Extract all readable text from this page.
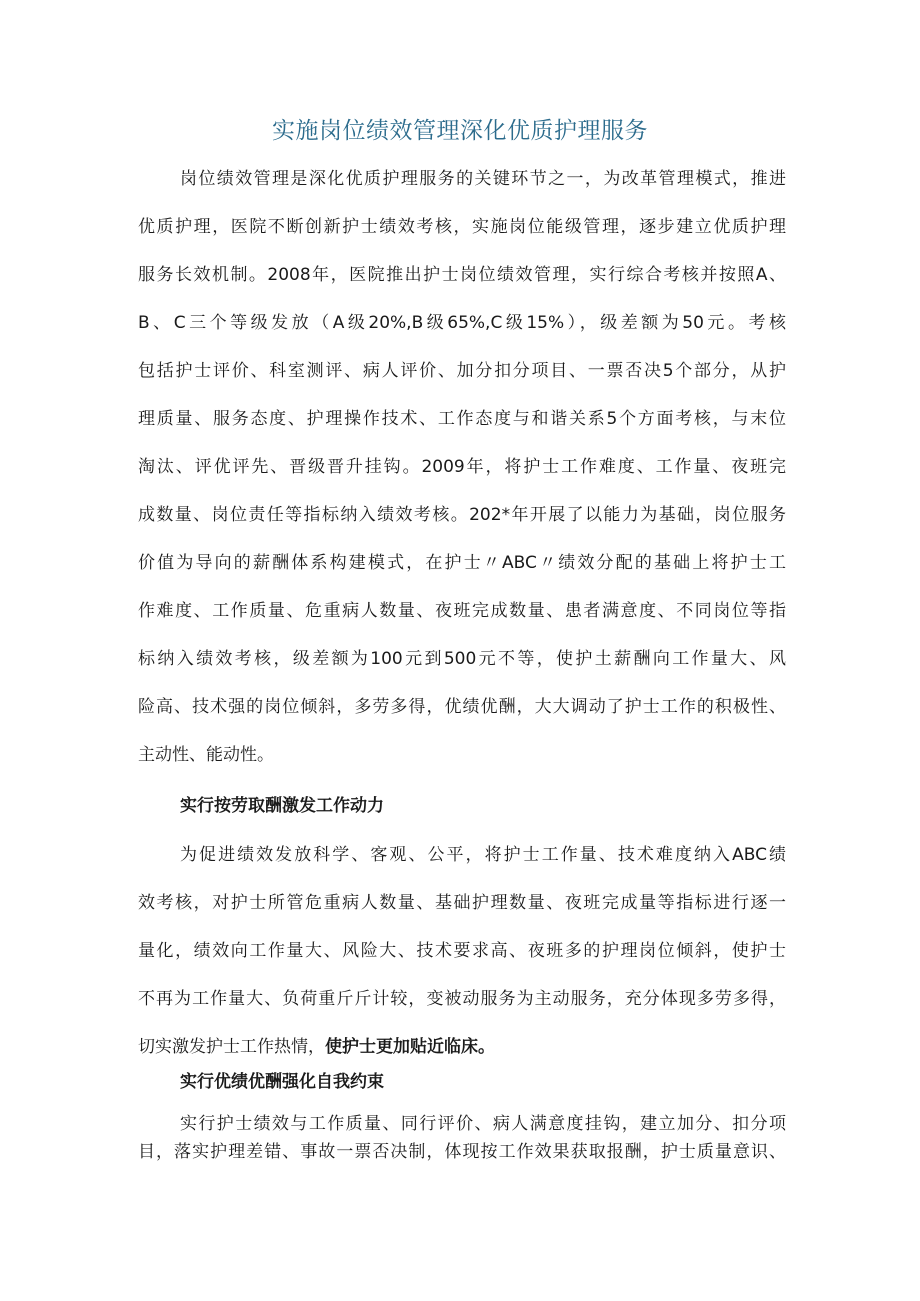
实施岗位绩效管理深化优质护理服务
岗位绩效管理是深化优质护理服务的关键环节之一，为改革管理模式，推进
优质护理，医院不断创新护士绩效考核，实施岗位能级管理，逐步建立优质护理
服务长效机制。2008年，医院推出护士岗位绩效管理，实行综合考核并按照A、
B、C三个等级发放（A级20%,B级65%,C级15%），级差额为50元。考核
包括护士评价、科室测评、病人评价、加分扣分项目、一票否决5个部分，从护
理质量、服务态度、护理操作技术、工作态度与和谐关系5个方面考核，与末位
淘汰、评优评先、晋级晋升挂钩。2009年，将护士工作难度、工作量、夜班完
成数量、岗位责任等指标纳入绩效考核。202*年开展了以能力为基础，岗位服务
价值为导向的薪酬体系构建模式，在护士〃ABC〃绩效分配的基础上将护士工
作难度、工作质量、危重病人数量、夜班完成数量、患者满意度、不同岗位等指
标纳入绩效考核，级差额为100元到500元不等，使护土薪酬向工作量大、风
险高、技术强的岗位倾斜，多劳多得，优绩优酬，大大调动了护士工作的积极性、
主动性、能动性。
实行按劳取酬激发工作动力
为促进绩效发放科学、客观、公平，将护士工作量、技术难度纳入ABC绩
效考核，对护士所管危重病人数量、基础护理数量、夜班完成量等指标进行逐一
量化，绩效向工作量大、风险大、技术要求高、夜班多的护理岗位倾斜，使护士
不再为工作量大、负荷重斤斤计较，变被动服务为主动服务，充分体现多劳多得，
切实激发护士工作热情，使护士更加贴近临床。
实行优绩优酬强化自我约束
实行护士绩效与工作质量、同行评价、病人满意度挂钩，建立加分、扣分项
目，落实护理差错、事故一票否决制，体现按工作效果获取报酬，护士质量意识、
